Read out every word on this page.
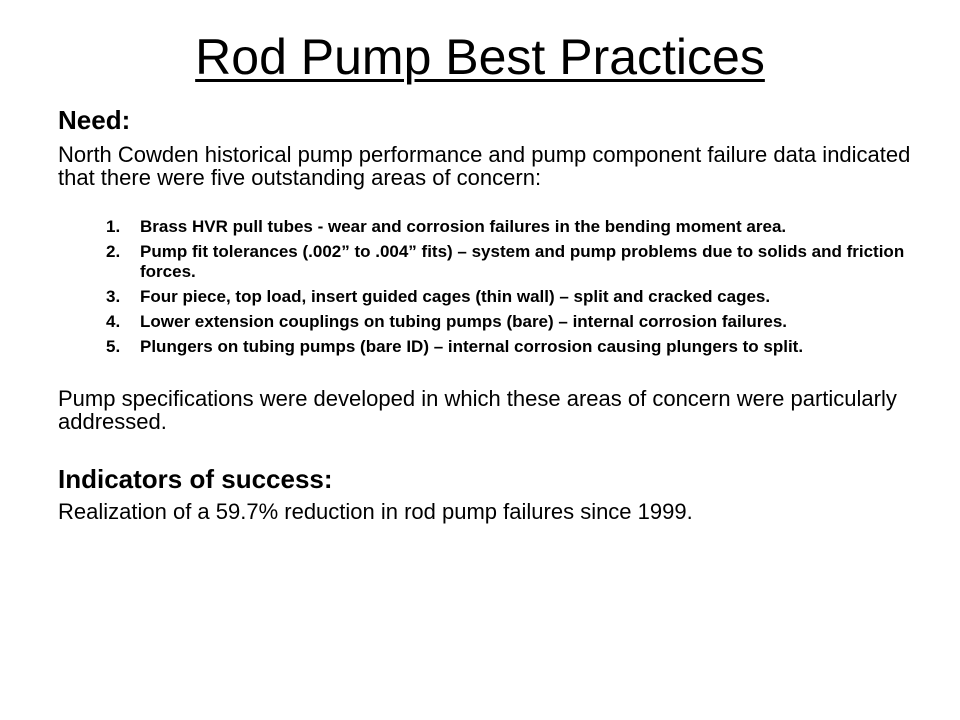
Rod Pump Best Practices
Need:

North Cowden historical pump performance and pump component failure data indicated that there were five outstanding areas of concern:

1.	Brass HVR pull tubes - wear and corrosion failures in the bending moment area.
2.	Pump fit tolerances (.002” to .004” fits) – system and pump problems due to solids and friction forces.
3.	Four piece, top load, insert guided cages (thin wall) – split and cracked cages.
4.	Lower extension couplings on tubing pumps (bare) – internal corrosion failures.
5.	Plungers on tubing pumps (bare ID) – internal corrosion causing plungers to split.

Pump specifications were developed in which these areas of concern were particularly addressed.

Indicators of success:

Realization of a 59.7% reduction in rod pump failures since 1999.
